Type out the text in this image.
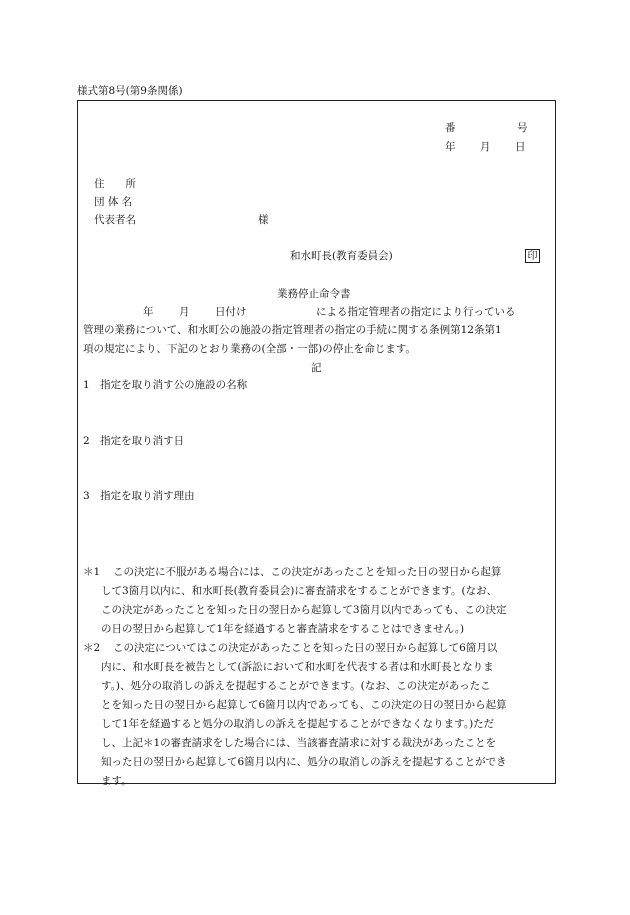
様式第8号(第9条関係)
番	号
年 月 日
住　　所
団 体 名
代表者名	様
和水町長(教育委員会)	印
業務停止命令書
年 月 日付け	による指定管理者の指定により行っている
管理の業務について、和水町公の施設の指定管理者の指定の手続に関する条例第12条第1
項の規定により、下記のとおり業務の(全部・一部)の停止を命じます。
記
1　指定を取り消す公の施設の名称
2　指定を取り消す日
3　指定を取り消す理由
＊1 この決定に不服がある場合には、この決定があったことを知った日の翌日から起算
して3箇月以内に、和水町長(教育委員会)に審査請求をすることができます。(なお、
この決定があったことを知った日の翌日から起算して3箇月以内であっても、この決定
の日の翌日から起算して1年を経過すると審査請求をすることはできません。)
＊2 この決定についてはこの決定があったことを知った日の翌日から起算して6箇月以
内に、和水町長を被告として(訴訟において和水町を代表する者は和水町長となりま
す。)、処分の取消しの訴えを提起することができます。(なお、この決定があったこ
とを知った日の翌日から起算して6箇月以内であっても、この決定の日の翌日から起算
して1年を経過すると処分の取消しの訴えを提起することができなくなります。)ただ
し、上記＊1の審査請求をした場合には、当該審査請求に対する裁決があったことを
知った日の翌日から起算して6箇月以内に、処分の取消しの訴えを提起することができ
ます。
